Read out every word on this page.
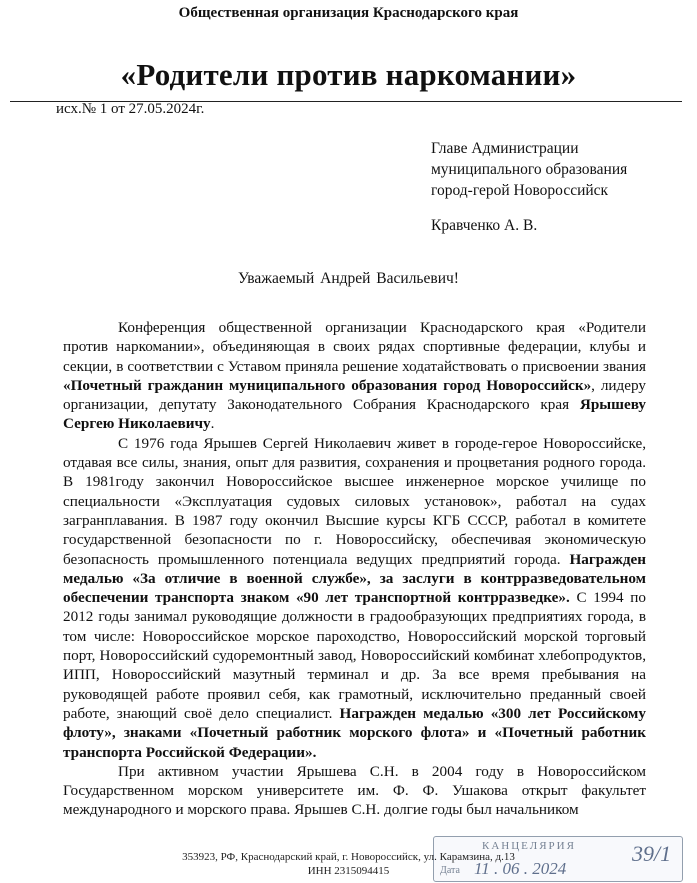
Общественная организация Краснодарского края
«Родители против наркомании»
исх.№ 1 от 27.05.2024г.
Главе Администрации
муниципального образования
город-герой Новороссийск
Кравченко А. В.
Уважаемый Андрей Васильевич!

Конференция общественной организации Краснодарского края «Родители против наркомании», объединяющая в своих рядах спортивные федерации, клубы и секции, в соответствии с Уставом приняла решение ходатайствовать о присвоении звания «Почетный гражданин муниципального образования город Новороссийск», лидеру организации, депутату Законодательного Собрания Краснодарского края Ярышеву Сергею Николаевичу.

С 1976 года Ярышев Сергей Николаевич живет в городе-герое Новороссийске, отдавая все силы, знания, опыт для развития, сохранения и процветания родного города. В 1981году закончил Новороссийское высшее инженерное морское училище по специальности «Эксплуатация судовых силовых установок», работал на судах загранплавания. В 1987 году окончил Высшие курсы КГБ СССР, работал в комитете государственной безопасности по г. Новороссийску, обеспечивая экономическую безопасность промышленного потенциала ведущих предприятий города. Награжден медалью «За отличие в военной службе», за заслуги в контрразведовательном обеспечении транспорта знаком «90 лет транспортной контрразведке». С 1994 по 2012 годы занимал руководящие должности в градообразующих предприятиях города, в том числе: Новороссийское морское пароходство, Новороссийский морской торговый порт, Новороссийский судоремонтный завод, Новороссийский комбинат хлебопродуктов, ИПП, Новороссийский мазутный терминал и др. За все время пребывания на руководящей работе проявил себя, как грамотный, исключительно преданный своей работе, знающий своё дело специалист. Награжден медалью «300 лет Российскому флоту», знаками «Почетный работник морского флота» и «Почетный работник транспорта Российской Федерации».

При активном участии Ярышева С.Н. в 2004 году в Новороссийском Государственном морском университете им. Ф. Ф. Ушакова открыт факультет международного и морского права. Ярышев С.Н. долгие годы был начальником

КАНЦЕЛЯРИЯ
Дата 11 . 06 . 2024
39/1
353923, РФ, Краснодарский край, г. Новороссийск, ул. Карамзина, д.13
ИНН 2315094415
